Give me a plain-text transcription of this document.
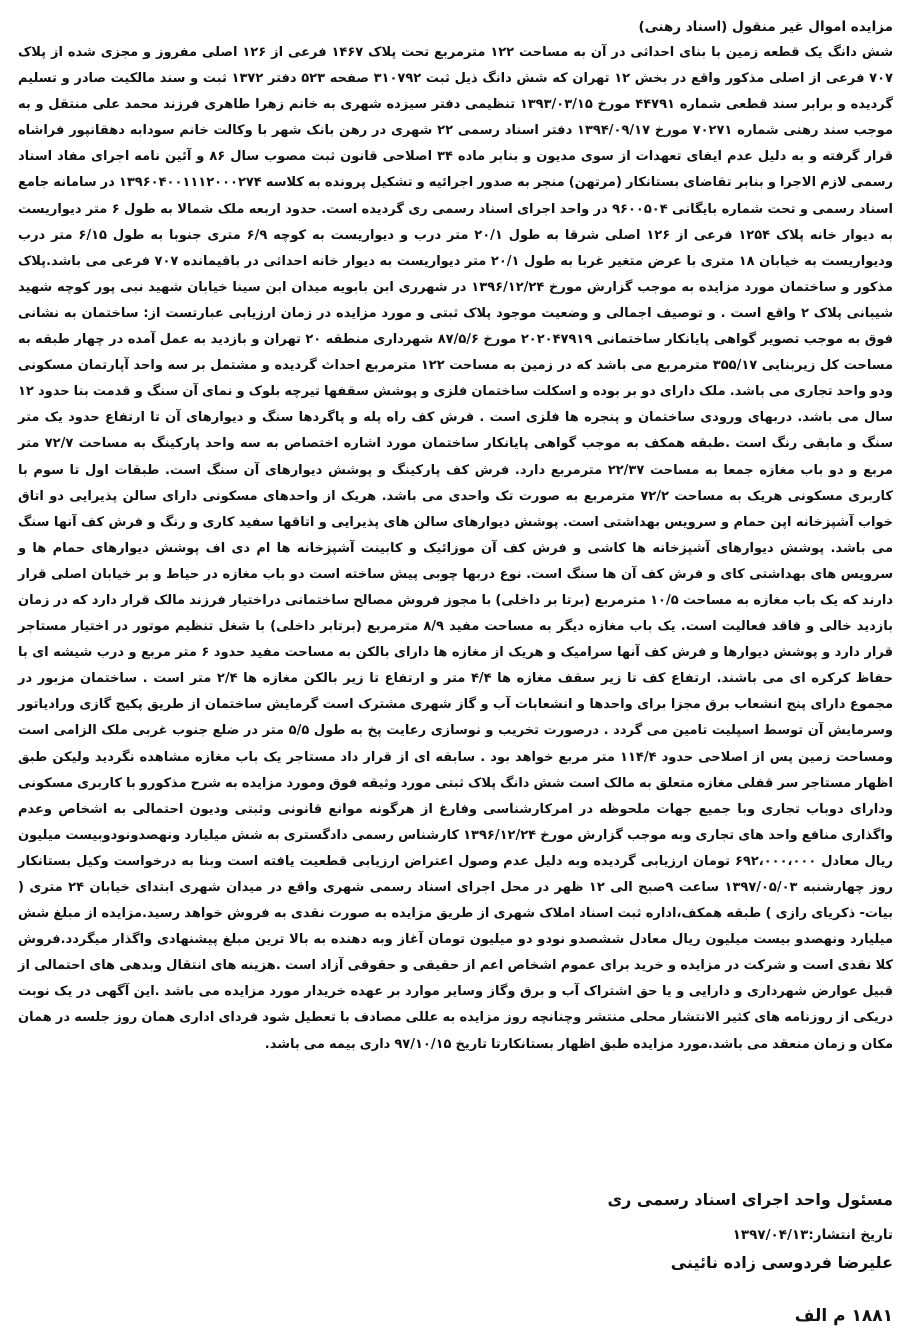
مزایده اموال غیر منقول (اسناد رهنی)

شش دانگ یک قطعه زمین با بنای احداثی در آن به مساحت ۱۲۲ مترمربع تحت پلاک ۱۴۶۷ فرعی از ۱۲۶ اصلی مفروز و مجزی شده از پلاک ۷۰۷ فرعی از اصلی مذکور واقع در بخش ۱۲ تهران که شش دانگ ذیل ثبت ۳۱۰۷۹۲ صفحه ۵۲۳ دفتر ۱۳۷۲ ثبت و سند مالکیت صادر و تسلیم گردیده و برابر سند قطعی شماره ۴۴۷۹۱ مورخ ۱۳۹۳/۰۳/۱۵ تنظیمی دفتر سیزده شهری به خانم زهرا طاهری فرزند محمد علی منتقل و به موجب سند رهنی شماره ۷۰۲۷۱ مورخ ۱۳۹۴/۰۹/۱۷ دفتر اسناد رسمی ۲۲ شهری در رهن بانک شهر با وکالت خانم سودابه دهقانپور فراشاه قرار گرفته و به دلیل عدم ایفای تعهدات از سوی مدیون و بنابر ماده ۳۴ اصلاحی قانون ثبت مصوب سال ۸۶ و آئین نامه اجرای مفاد اسناد رسمی لازم الاجرا و بنابر تقاضای بستانکار (مرتهن) منجر به صدور اجرائیه و تشکیل پرونده به کلاسه ۱۳۹۶۰۴۰۰۱۱۱۲۰۰۰۲۷۴ در سامانه جامع اسناد رسمی و تحت شماره بایگانی ۹۶۰۰۵۰۴ در واحد اجرای اسناد رسمی ری گردیده است. حدود اربعه ملک شمالا به طول ۶ متر دیواریست به دیوار خانه پلاک ۱۲۵۴ فرعی از ۱۲۶ اصلی شرقا به طول ۲۰/۱ متر درب و دیواریست به کوچه ۶/۹ متری جنوبا به طول ۶/۱۵ متر درب ودیواریست به خیابان ۱۸ متری با عرض متغیر غربا به طول ۲۰/۱ متر دیواریست به دیوار خانه احداثی در باقیمانده ۷۰۷ فرعی می باشد.پلاک مذکور و ساختمان مورد مزایده به موجب گزارش مورخ ۱۳۹۶/۱۲/۲۴ در شهرری ابن بابویه میدان ابن سینا خیابان شهید نبی پور کوچه شهید شیبانی پلاک ۲ واقع است . و توصیف اجمالی و وضعیت موجود پلاک ثبتی و مورد مزایده در زمان ارزیابی عبارتست از: ساختمان به نشانی فوق به موجب تصویر گواهی پایانکار ساختمانی ۲۰۲۰۴۷۹۱۹ مورخ ۸۷/۵/۶ شهرداری منطقه ۲۰ تهران و بازدید به عمل آمده در چهار طبقه به مساحت کل زیربنایی ۳۵۵/۱۷ مترمربع می باشد که در زمین به مساحت ۱۲۲ مترمربع احداث گردیده و مشتمل بر سه واحد آپارتمان مسکونی ودو واحد تجاری می باشد. ملک دارای دو بر بوده و اسکلت ساختمان فلزی و پوشش سقفها تیرچه بلوک و نمای آن سنگ و قدمت بنا حدود ۱۲ سال می باشد. دربهای ورودی ساختمان و پنجره ها فلزی است . فرش کف راه پله و پاگردها سنگ و دیوارهای آن تا ارتفاع حدود یک متر سنگ و مابقی رنگ است .طبقه همکف به موجب گواهی پایانکار ساختمان مورد اشاره اختصاص به سه واحد پارکینگ به مساحت ۷۲/۷ متر مربع و دو باب مغازه جمعا به مساحت ۲۲/۳۷ مترمربع دارد. فرش کف پارکینگ و پوشش دیوارهای آن سنگ است. طبقات اول تا سوم با کاربری مسکونی هریک به مساحت ۷۲/۲ مترمربع به صورت تک واحدی می باشد. هریک از واحدهای مسکونی دارای سالن پذیرایی دو اتاق خواب آشپزخانه اپن حمام و سرویس بهداشتی است. پوشش دیوارهای سالن های پذیرایی و اتاقها سفید کاری و رنگ و فرش کف آنها سنگ می باشد. پوشش دیوارهای آشپزخانه ها کاشی و فرش کف آن موزائیک و کابینت آشپزخانه ها ام دی اف پوشش دیوارهای حمام ها و سرویس های بهداشتی کای و فرش کف آن ها سنگ است. نوع دربها چوبی پیش ساخته است دو باب مغازه در حیاط و بر خیابان اصلی قرار دارند که یک باب مغازه به مساحت ۱۰/۵ مترمربع (برتا بر داخلی) با مجوز فروش مصالح ساختمانی دراختیار فرزند مالک قرار دارد که در زمان بازدید خالی و فاقد فعالیت است. یک باب مغازه دیگر به مساحت مفید ۸/۹ مترمربع (برتابر داخلی) با شغل تنظیم موتور در اختیار مستاجر قرار دارد و پوشش دیوارها و فرش کف آنها سرامیک و هریک از مغازه ها دارای بالکن به مساحت مفید حدود ۶ متر مربع و درب شیشه ای با حفاظ کرکره ای می باشند. ارتفاع کف تا زیر سقف مغازه ها ۴/۴ متر و ارتفاع تا زیر بالکن مغازه ها ۲/۴ متر است . ساختمان مزبور در مجموع دارای پنج انشعاب برق مجزا برای واحدها و انشعابات آب و گاز شهری مشترک است گرمایش ساختمان از طریق پکیج گازی ورادیاتور وسرمایش آن توسط اسپلیت تامین می گردد . درصورت تخریب و نوسازی رعایت پخ به طول ۵/۵ متر در ضلع جنوب غربی ملک الزامی است ومساحت زمین پس از اصلاحی حدود ۱۱۴/۴ متر مربع خواهد بود . سابقه ای از قرار داد مستاجر یک باب مغازه مشاهده نگردید ولیکن طبق اظهار مستاجر سر قفلی مغازه متعلق به مالک است شش دانگ پلاک ثبتی مورد وثیقه فوق ومورد مزایده به شرح مذکورو با کاربری مسکونی ودارای دوباب تجاری وبا جمیع جهات ملحوظه در امرکارشناسی وفارغ از هرگونه موانع قانونی وثبتی ودیون احتمالی به اشخاص وعدم واگذاری منافع واحد های تجاری وبه موجب گزارش مورخ ۱۳۹۶/۱۲/۲۴ کارشناس رسمی دادگستری به شش میلیارد ونهصدونودوبیست میلیون ریال معادل ۶۹۲،۰۰۰،۰۰۰ تومان ارزیابی گردیده وبه دلیل عدم وصول اعتراض ارزیابی قطعیت یافته است وبنا به درخواست وکیل بستانکار روز چهارشنبه ۱۳۹۷/۰۵/۰۳ ساعت ۹صبح الی ۱۲ ظهر در محل اجرای اسناد رسمی شهری واقع در میدان شهری ابتدای خیابان ۲۴ متری ( بیات- ذکریای رازی ) طبقه همکف،اداره ثبت اسناد املاک شهری از طریق مزایده به صورت نقدی به فروش خواهد رسید.مزایده از مبلغ شش میلیارد ونهصدو بیست میلیون ریال معادل ششصدو نودو دو میلیون تومان آغاز وبه دهنده به بالا ترین مبلغ پیشنهادی واگذار میگردد.فروش کلا نقدی است و شرکت در مزایده و خرید برای عموم اشخاص اعم از حقیقی و حقوقی آزاد است .هزینه های انتقال وبدهی های احتمالی از قبیل عوارض شهرداری و دارایی و یا حق اشتراک آب و برق وگاز وسایر موارد بر عهده خریدار مورد مزایده می باشد .این آگهی در یک نوبت دریکی از روزنامه های کثیر الانتشار محلی منتشر وچنانچه روز مزایده به عللی مصادف با تعطیل شود فردای اداری همان روز جلسه در همان مکان و زمان منعقد می باشد.مورد مزایده طبق اظهار بستانکارتا تاریخ ۹۷/۱۰/۱۵ داری بیمه می باشد.

مسئول واحد اجرای اسناد رسمی ری
تاریخ انتشار:۱۳۹۷/۰۴/۱۳
علیرضا فردوسی زاده نائینی
۱۸۸۱ م الف
